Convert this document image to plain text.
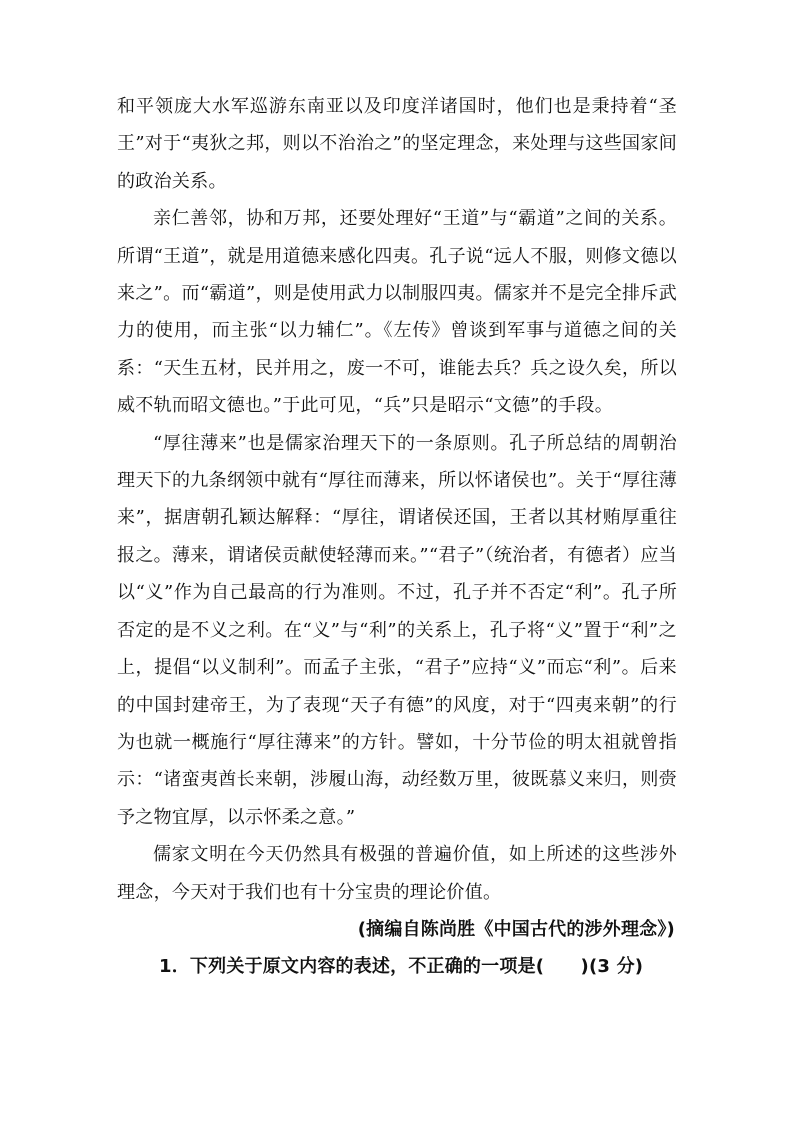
和平领庞大水军巡游东南亚以及印度洋诸国时，他们也是秉持着“圣王”对于“夷狄之邦，则以不治治之”的坚定理念，来处理与这些国家间的政治关系。

亲仁善邻，协和万邦，还要处理好“王道”与“霸道”之间的关系。所谓“王道”，就是用道德来感化四夷。孔子说“远人不服，则修文德以来之”。而“霸道”，则是使用武力以制服四夷。儒家并不是完全排斥武力的使用，而主张“以力辅仁”。《左传》曾谈到军事与道德之间的关系：“天生五材，民并用之，废一不可，谁能去兵？兵之设久矣，所以威不轨而昭文德也。”于此可见，“兵”只是昭示“文德”的手段。

“厚往薄来”也是儒家治理天下的一条原则。孔子所总结的周朝治理天下的九条纲领中就有“厚往而薄来，所以怀诸侯也”。关于“厚往薄来”，据唐朝孔颖达解释：“厚往，谓诸侯还国，王者以其材贿厚重往报之。薄来，谓诸侯贡献使轻薄而来。”“君子”（统治者，有德者）应当以“义”作为自己最高的行为准则。不过，孔子并不否定“利”。孔子所否定的是不义之利。在“义”与“利”的关系上，孔子将“义”置于“利”之上，提倡“以义制利”。而孟子主张，“君子”应持“义”而忘“利”。后来的中国封建帝王，为了表现“天子有德”的风度，对于“四夷来朝”的行为也就一概施行“厚往薄来”的方针。譬如，十分节俭的明太祖就曾指示：“诸蛮夷酋长来朝，涉履山海，动经数万里，彼既慕义来归，则赍予之物宜厚，以示怀柔之意。”

儒家文明在今天仍然具有极强的普遍价值，如上所述的这些涉外理念，今天对于我们也有十分宝贵的理论价值。

(摘编自陈尚胜《中国古代的涉外理念》)

1．下列关于原文内容的表述，不正确的一项是(　　)(3 分)
